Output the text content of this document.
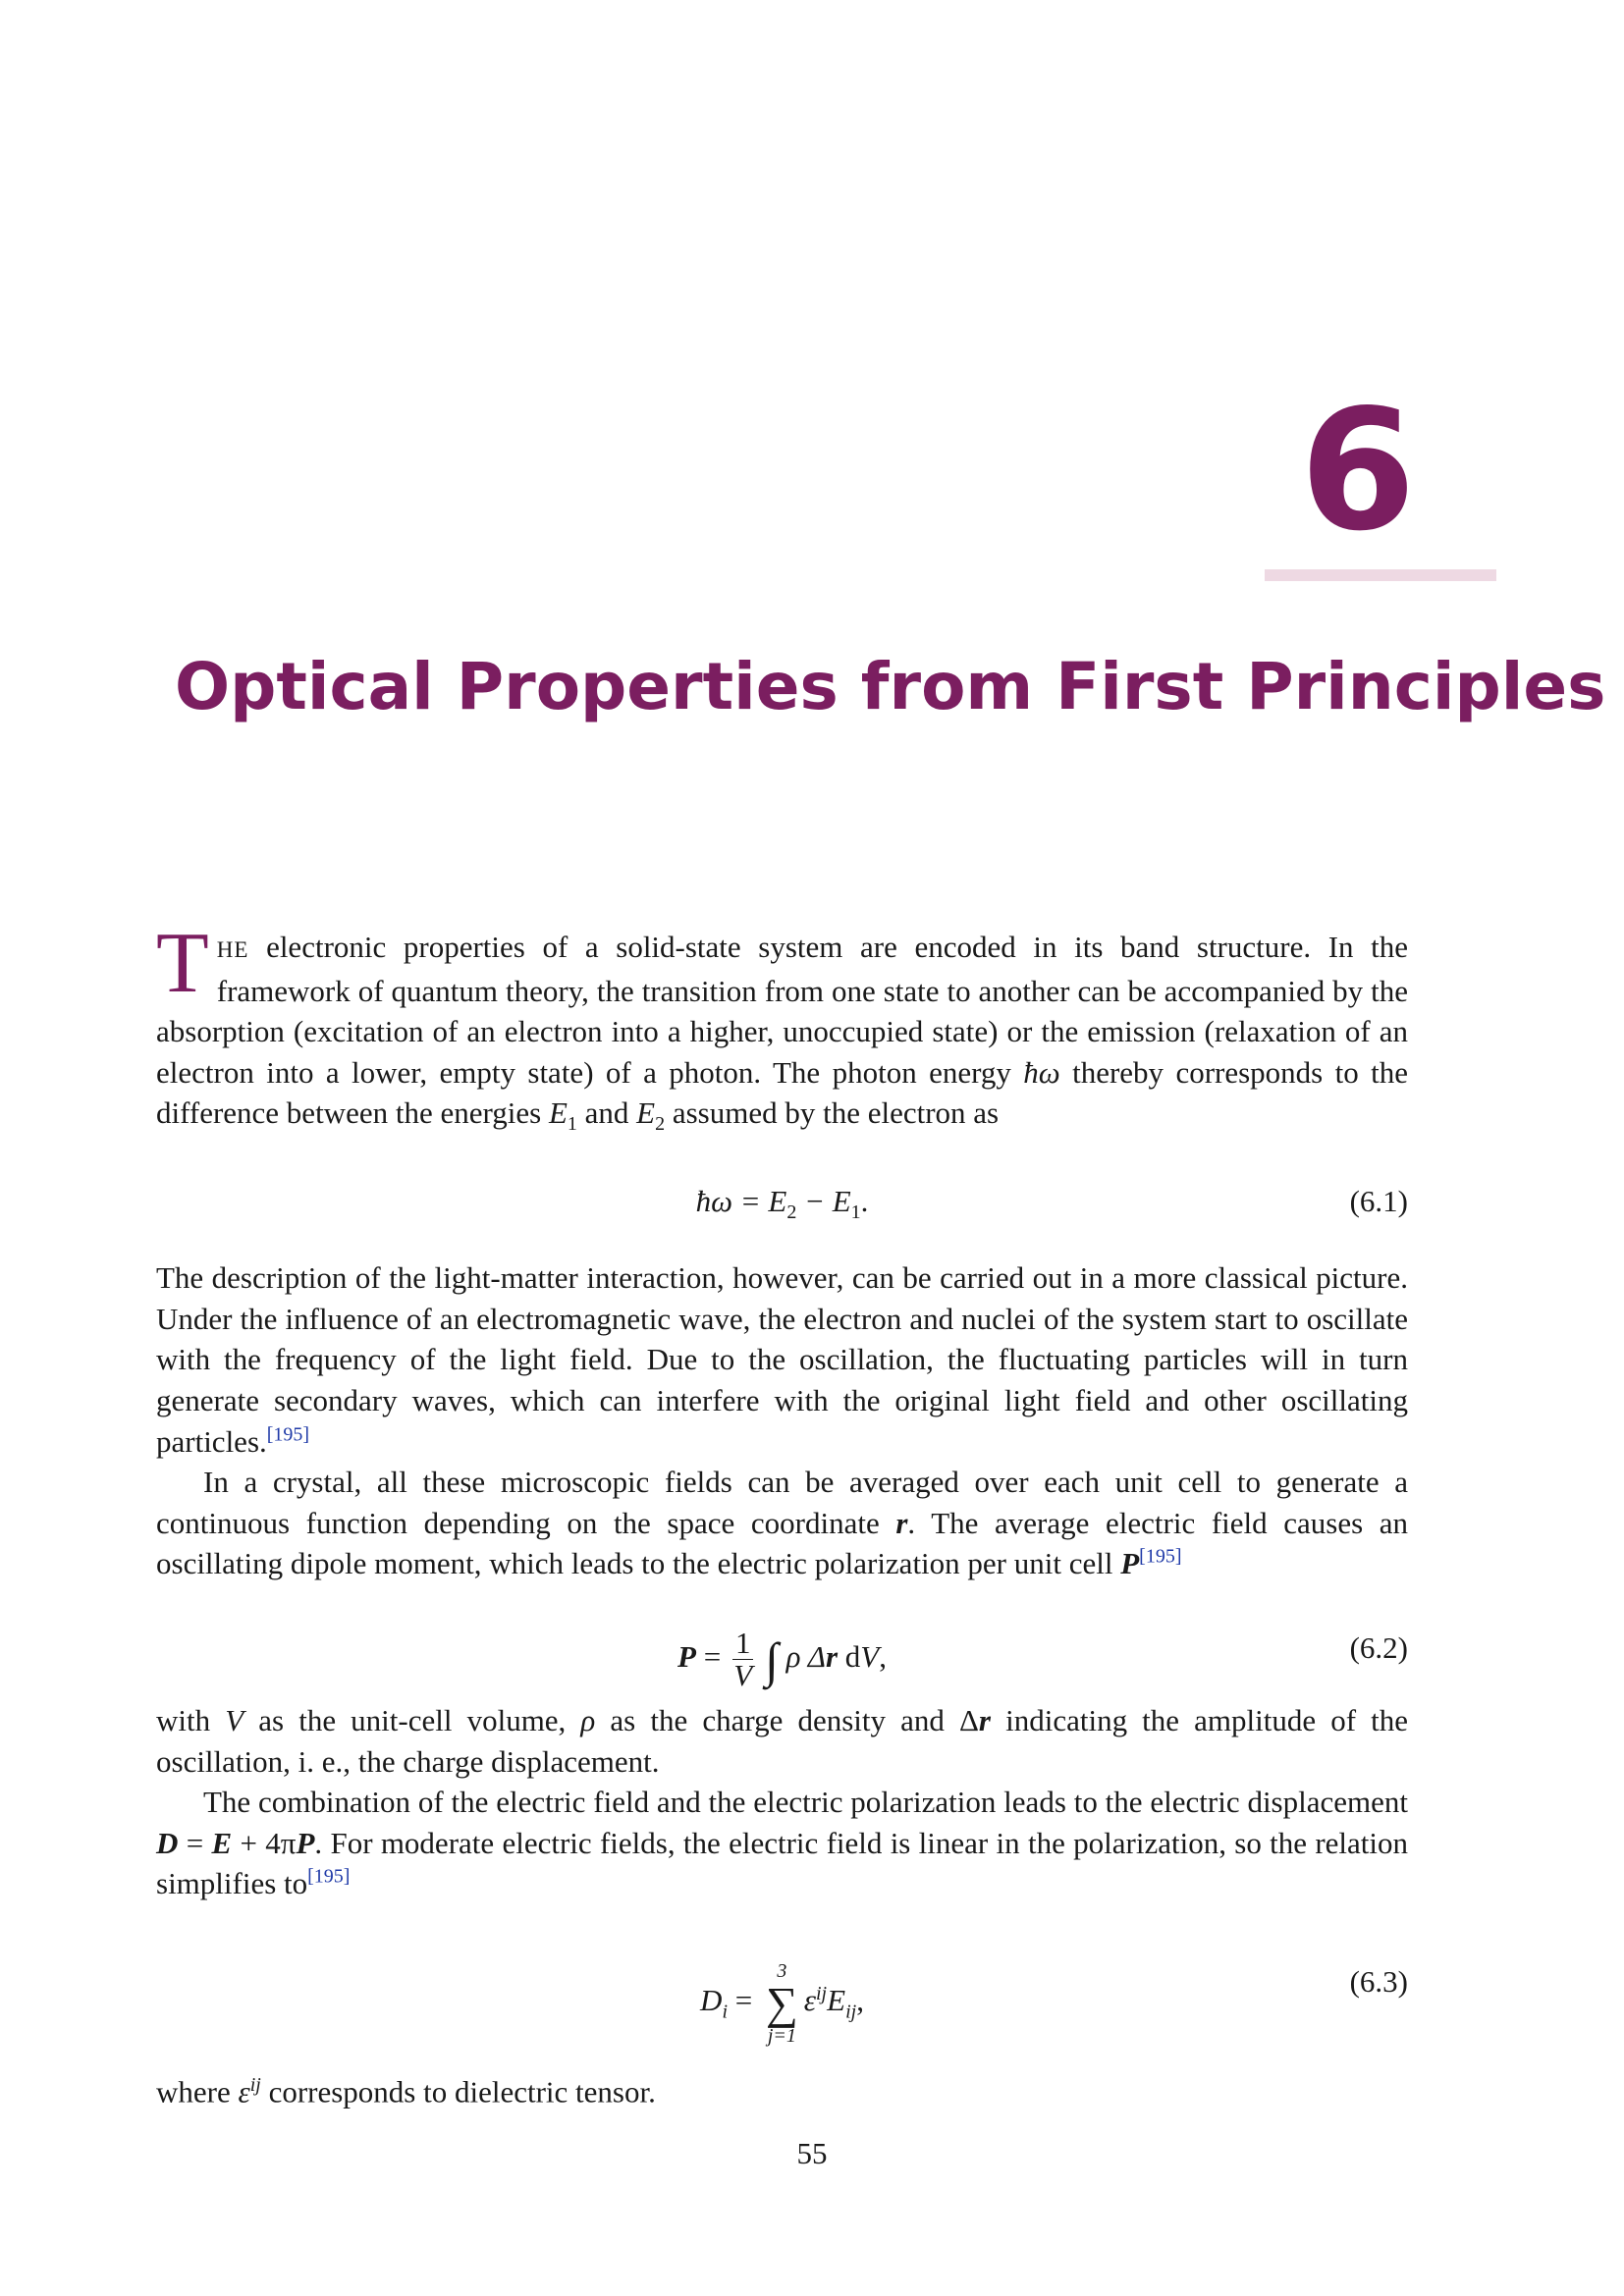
6
Optical Properties from First Principles

THE electronic properties of a solid-state system are encoded in its band structure. In the framework of quantum theory, the transition from one state to another can be accompanied by the absorption (excitation of an electron into a higher, unoccupied state) or the emission (relaxation of an electron into a lower, empty state) of a photon. The photon energy ħω thereby corresponds to the difference between the energies $E_1$ and $E_2$ assumed by the electron as

ħω = $E_2 - E_1$.	(6.1)

The description of the light-matter interaction, however, can be carried out in a more classical picture. Under the influence of an electromagnetic wave, the electron and nuclei of the system start to oscillate with the frequency of the light field. Due to the oscillation, the fluctuating particles will in turn generate secondary waves, which can interfere with the original light field and other oscillating particles.[195]

In a crystal, all these microscopic fields can be averaged over each unit cell to generate a continuous function depending on the space coordinate r. The average electric field causes an oscillating dipole moment, which leads to the electric polarization per unit cell P[195]

$P = \frac{1}{V}$ ∫ ρ Δr dV,	(6.2)

with V as the unit-cell volume, ρ as the charge density and Δr indicating the amplitude of the oscillation, i. e., the charge displacement.

The combination of the electric field and the electric polarization leads to the electric displacement D = E + 4πP. For moderate electric fields, the electric field is linear in the polarization, so the relation simplifies to[195]

$D_i$ =
3
∑
j=1
$\varepsilon^{ij}E_{ij}$,
(6.3)

where $\varepsilon^{ij}$ corresponds to dielectric tensor.

55
